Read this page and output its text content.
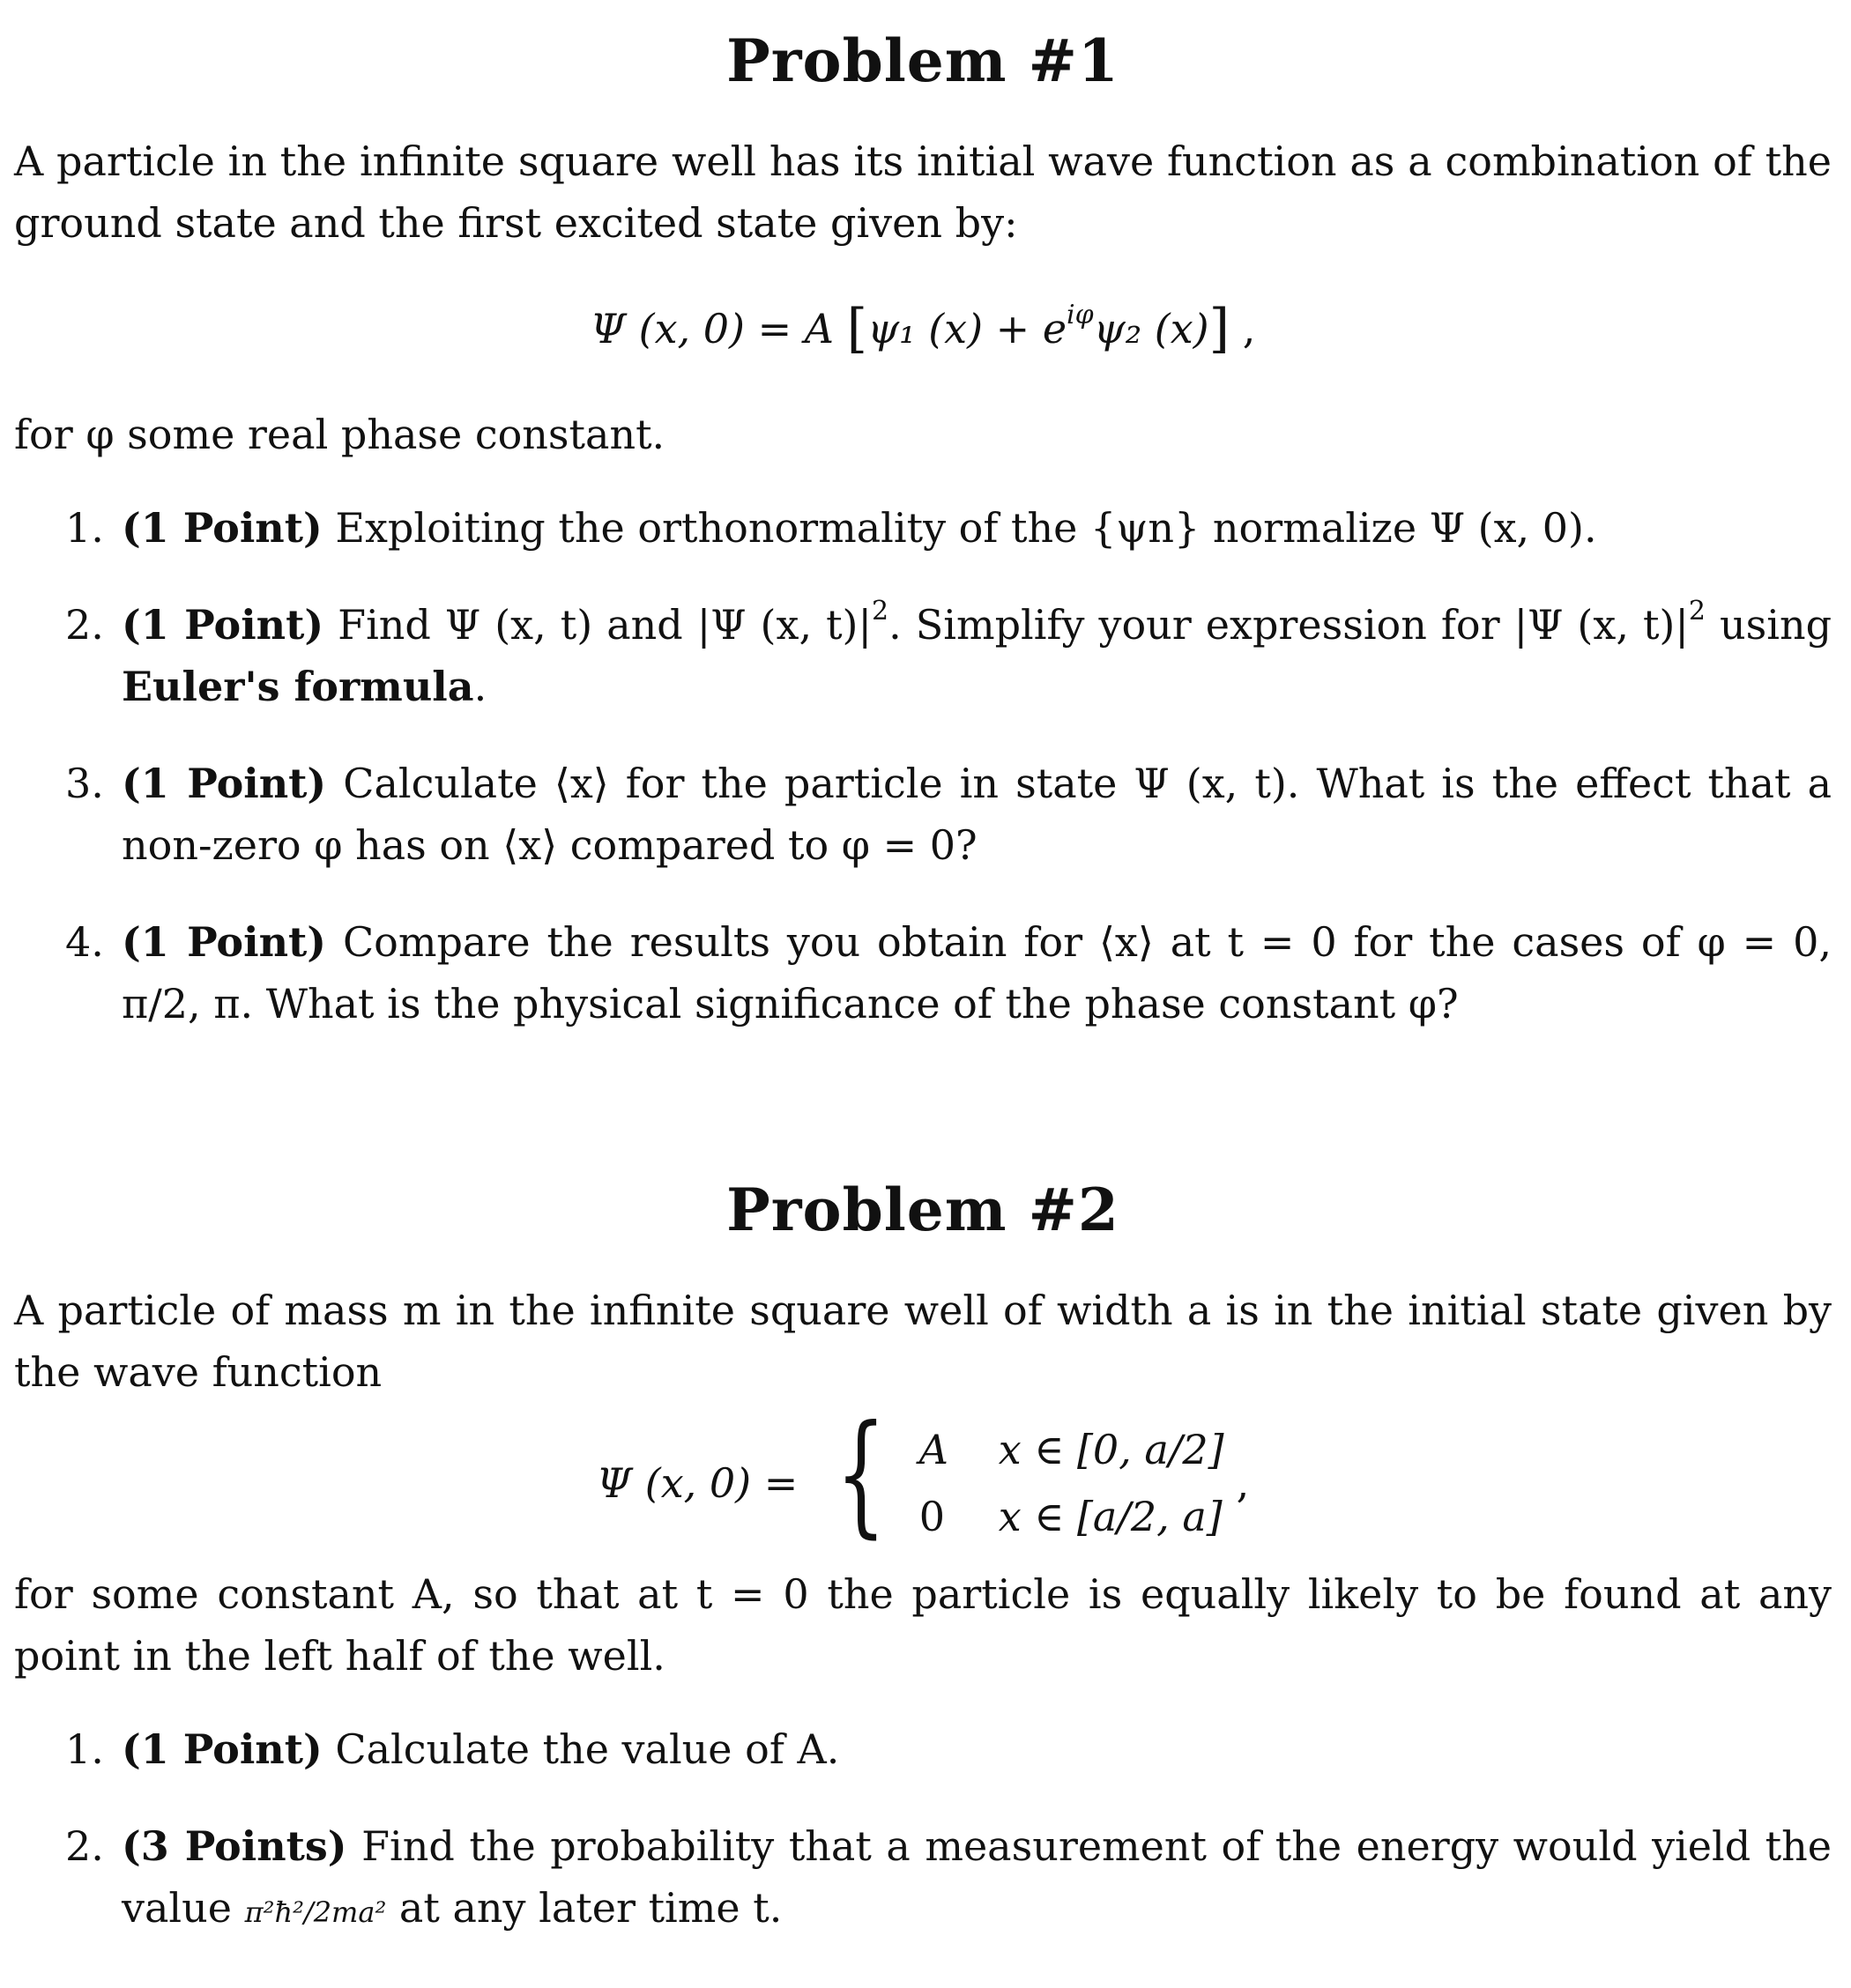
Problem #1

A particle in the infinite square well has its initial wave function as a combination of the ground state and the first excited state given by:

Ψ (x, 0) = A [ψ₁ $(x) + e^{i\varphi}\psi_2$ (x)] ,

for φ some real phase constant.

1. (1 Point) Exploiting the orthonormality of the {ψn} normalize Ψ (x, 0).
2. (1 Point) Find Ψ (x, t) and |Ψ (x, $t)|^2$. Simplify your expression for |Ψ (x, $t)|^2$ using Euler's formula.
3. (1 Point) Calculate ⟨x⟩ for the particle in state Ψ (x, t). What is the effect that a non-zero φ has on ⟨x⟩ compared to φ = 0?
4. (1 Point) Compare the results you obtain for ⟨x⟩ at t = 0 for the cases of φ = 0, π/2, π. What is the physical significance of the phase constant φ?
Problem #2

A particle of mass m in the infinite square well of width a is in the initial state given by the wave function

Ψ (x, 0) = { A	x ∈ [0, a/2]
0	x ∈ [a/2, a]
,

for some constant A, so that at t = 0 the particle is equally likely to be found at any point in the left half of the well.

1. (1 Point) Calculate the value of A.
2. (3 Points) Find the probability that a measurement of the energy would yield the value π²ħ²/2ma² at any later time t.
